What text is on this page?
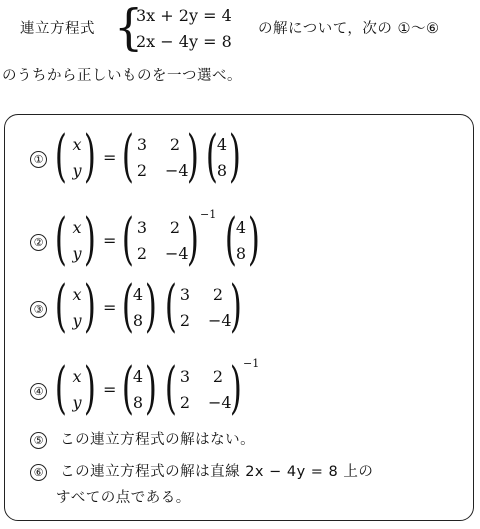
連立方程式 {
3x + 2y = 4
2x − 4y = 8
の解について，次の ①〜⑥
のうちから正しいものを一つ選べ。
① ( x
y ) = ( 3	2
2	−4
) (
4
8 )
② ( x
y ) = ( 3	2
2	−4
) −1 (
4
8 )
③ ( x
y ) = (
4
8 ) ( 3	2
2	−4
)
④ ( x
y ) = (
4
8 ) ( 3	2
2	−4
) −1
⑤ この連立方程式の解はない。
⑥ この連立方程式の解は直線 2x − 4y = 8 上の
すべての点である。
